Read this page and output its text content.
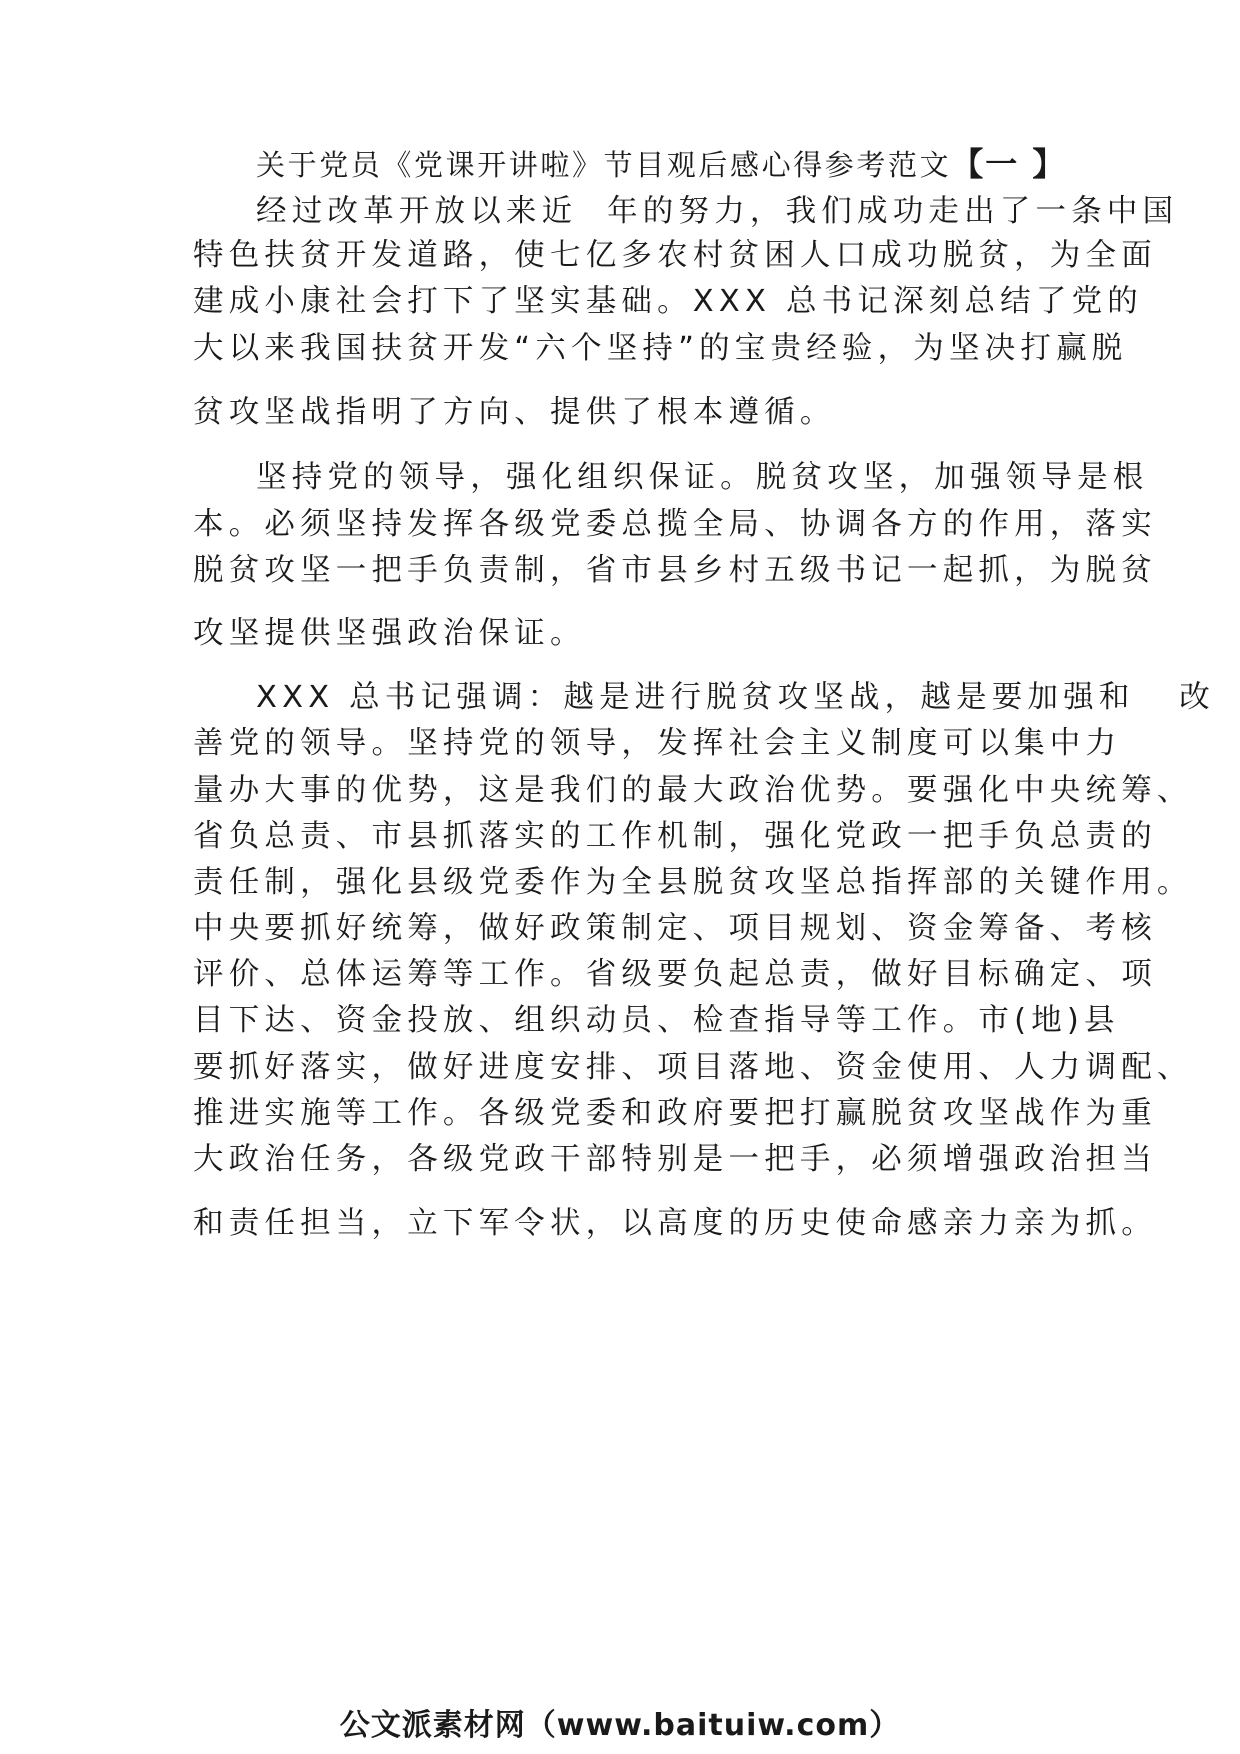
关于党员《党课开讲啦》节目观后感心得参考范文【一 】
经过改革开放以来近  年的努力，我们成功走出了一条中国
特色扶贫开发道路，使七亿多农村贫困人口成功脱贫，为全面
建成小康社会打下了坚实基础。XXX 总书记深刻总结了党的
大以来我国扶贫开发“六个坚持”的宝贵经验，为坚决打赢脱
贫攻坚战指明了方向、提供了根本遵循。
坚持党的领导，强化组织保证。脱贫攻坚，加强领导是根
本。必须坚持发挥各级党委总揽全局、协调各方的作用，落实
脱贫攻坚一把手负责制，省市县乡村五级书记一起抓，为脱贫
攻坚提供坚强政治保证。
XXX 总书记强调：越是进行脱贫攻坚战，越是要加强和   改
善党的领导。坚持党的领导，发挥社会主义制度可以集中力
量办大事的优势，这是我们的最大政治优势。要强化中央统筹、
省负总责、市县抓落实的工作机制，强化党政一把手负总责的
责任制，强化县级党委作为全县脱贫攻坚总指挥部的关键作用。
中央要抓好统筹，做好政策制定、项目规划、资金筹备、考核
评价、总体运筹等工作。省级要负起总责，做好目标确定、项
目下达、资金投放、组织动员、检查指导等工作。市(地)县
要抓好落实，做好进度安排、项目落地、资金使用、人力调配、
推进实施等工作。各级党委和政府要把打赢脱贫攻坚战作为重
大政治任务，各级党政干部特别是一把手，必须增强政治担当
和责任担当，立下军令状，以高度的历史使命感亲力亲为抓。
公文派素材网（www.baituiw.com）
